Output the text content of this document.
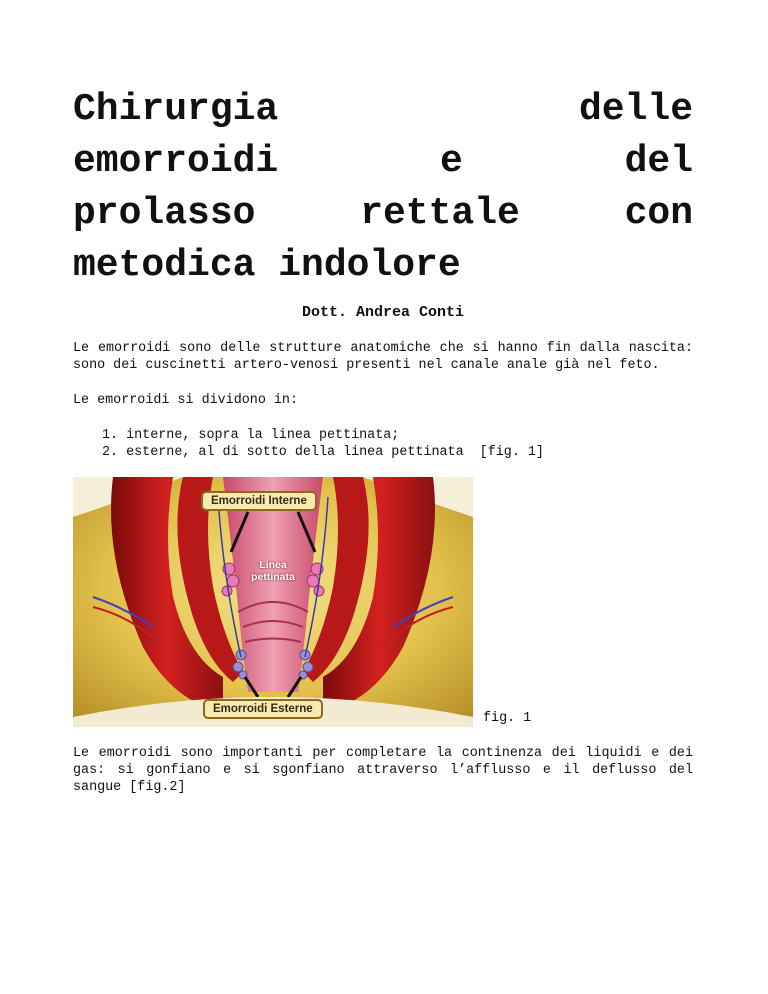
Chirurgia delle
emorroidi e del
prolasso rettale con
metodica indolore
Dott. Andrea Conti

Le emorroidi sono delle strutture anatomiche che si hanno fin dalla nascita: sono dei cuscinetti artero-venosi presenti nel canale anale già nel feto.

Le emorroidi si dividono in:

1. interne, sopra la linea pettinata;
2. esterne, al di sotto della linea pettinata  [fig. 1]
Emorroidi Interne
Linea
pettinata
Emorroidi Esterne
fig. 1

Le emorroidi sono importanti per completare la continenza dei liquidi e dei gas: si gonfiano e si sgonfiano attraverso l’afflusso e il deflusso del sangue [fig.2]
